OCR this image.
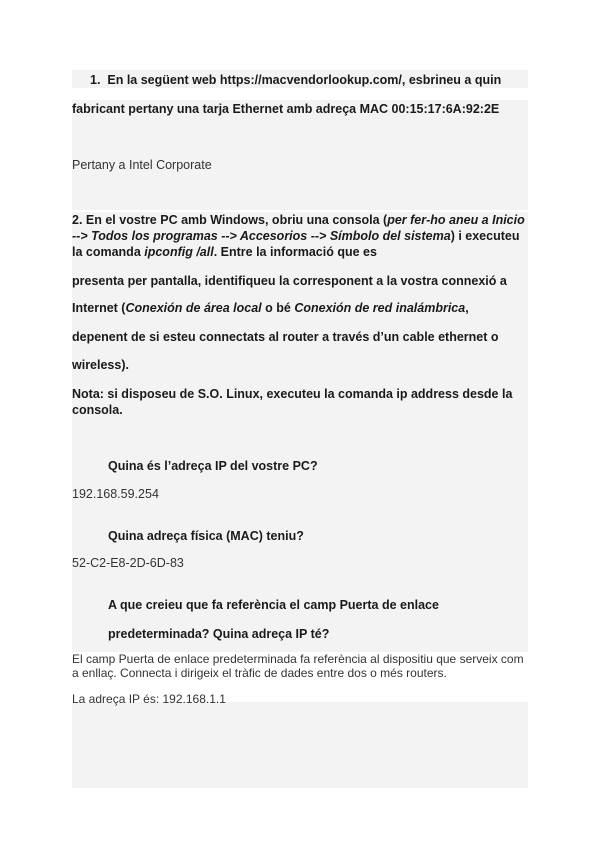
1. En la següent web https://macvendorlookup.com/, esbrineu a quin
fabricant pertany una tarja Ethernet amb adreça MAC 00:15:17:6A:92:2E
Pertany a Intel Corporate
2. En el vostre PC amb Windows, obriu una consola (per fer-ho aneu a Inicio --> Todos los programas --> Accesorios --> Símbolo del sistema) i executeu la comanda ipconfig /all. Entre la informació que es
presenta per pantalla, identifiqueu la corresponent a la vostra connexió a
Internet (Conexión de área local o bé Conexión de red inalámbrica,
depenent de si esteu connectats al router a través d’un cable ethernet o
wireless).
Nota: si disposeu de S.O. Linux, executeu la comanda ip address desde la consola.
Quina és l’adreça IP del vostre PC?
192.168.59.254
Quina adreça física (MAC) teniu?
52-C2-E8-2D-6D-83
A que creieu que fa referència el camp Puerta de enlace
predeterminada? Quina adreça IP té?
El camp Puerta de enlace predeterminada fa referència al dispositiu que serveix com a enllaç. Connecta i dirigeix el tràfic de dades entre dos o més routers.
La adreça IP és: 192.168.1.1
